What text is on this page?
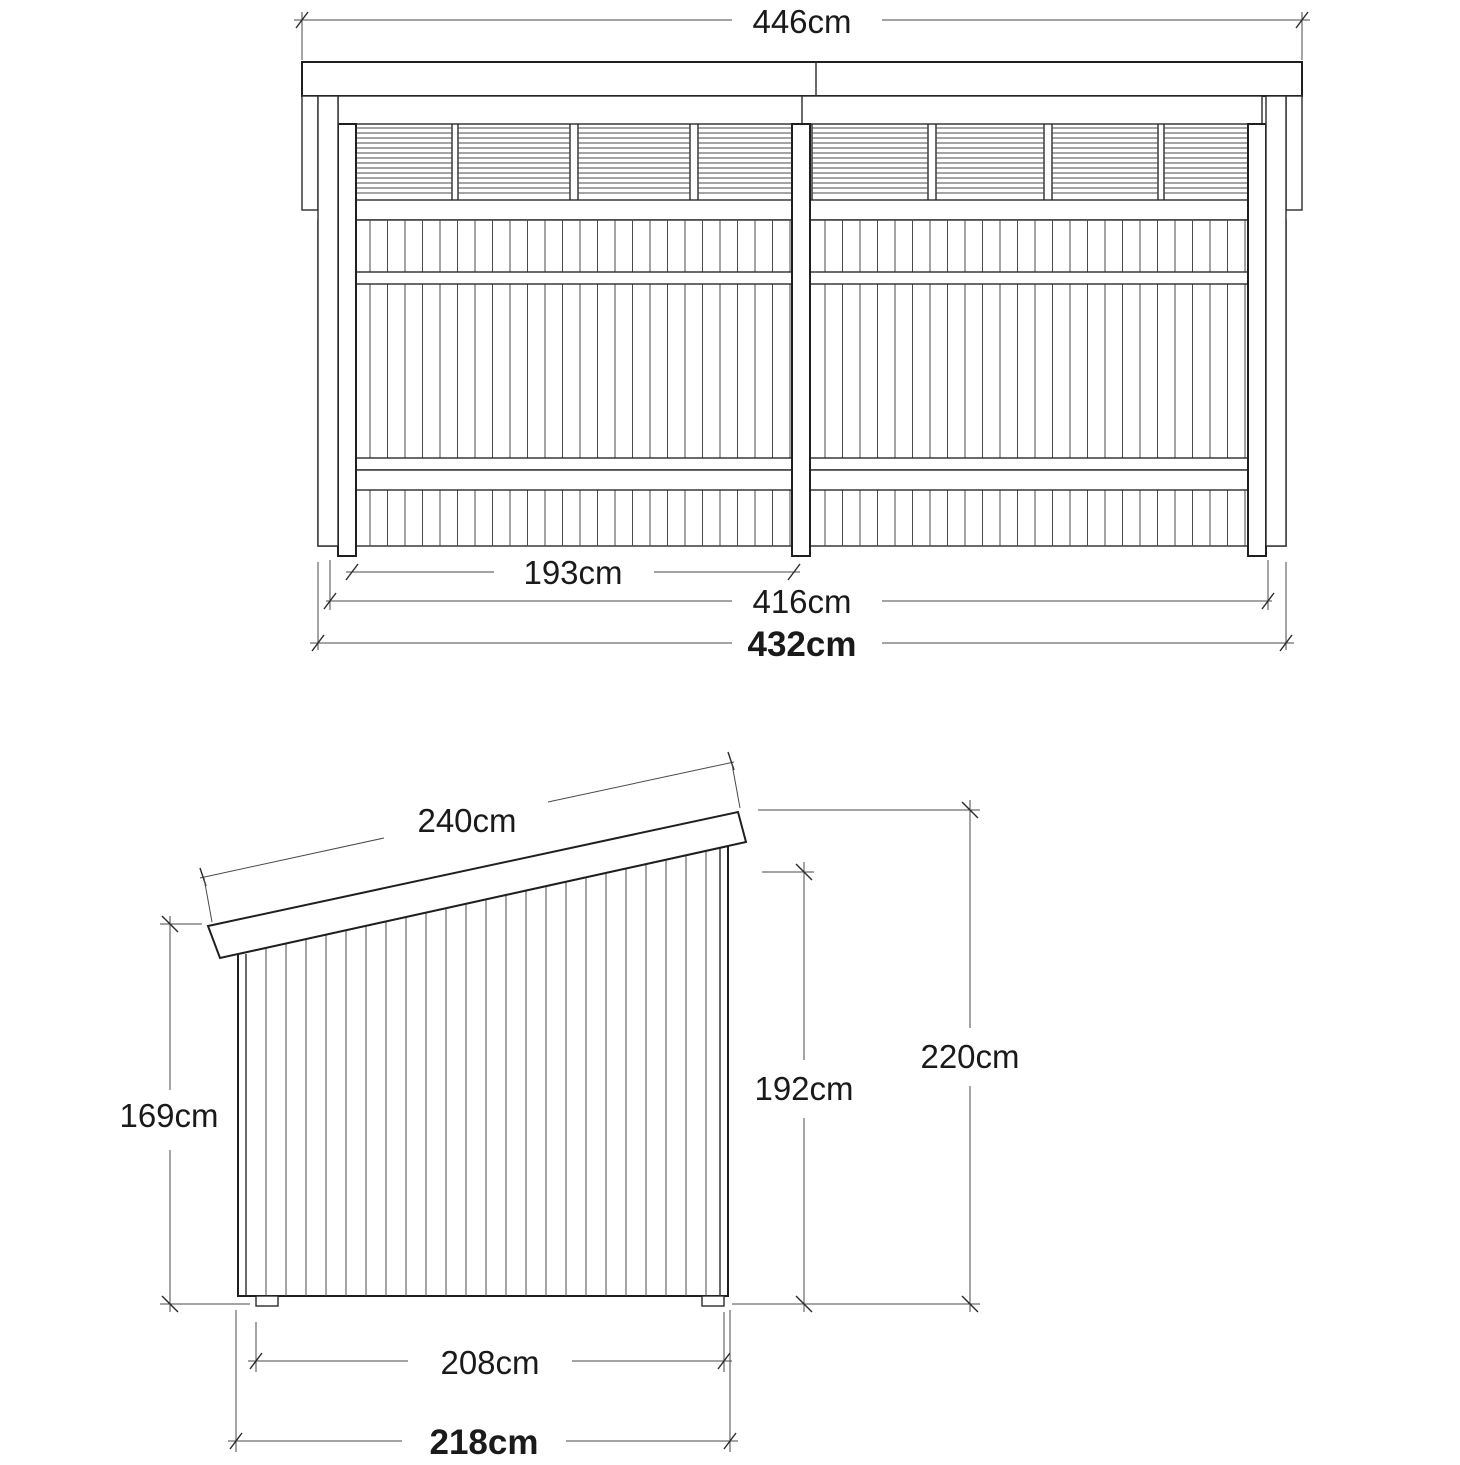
446cm
193cm
416cm
432cm
240cm
169cm
192cm
220cm
208cm
218cm
